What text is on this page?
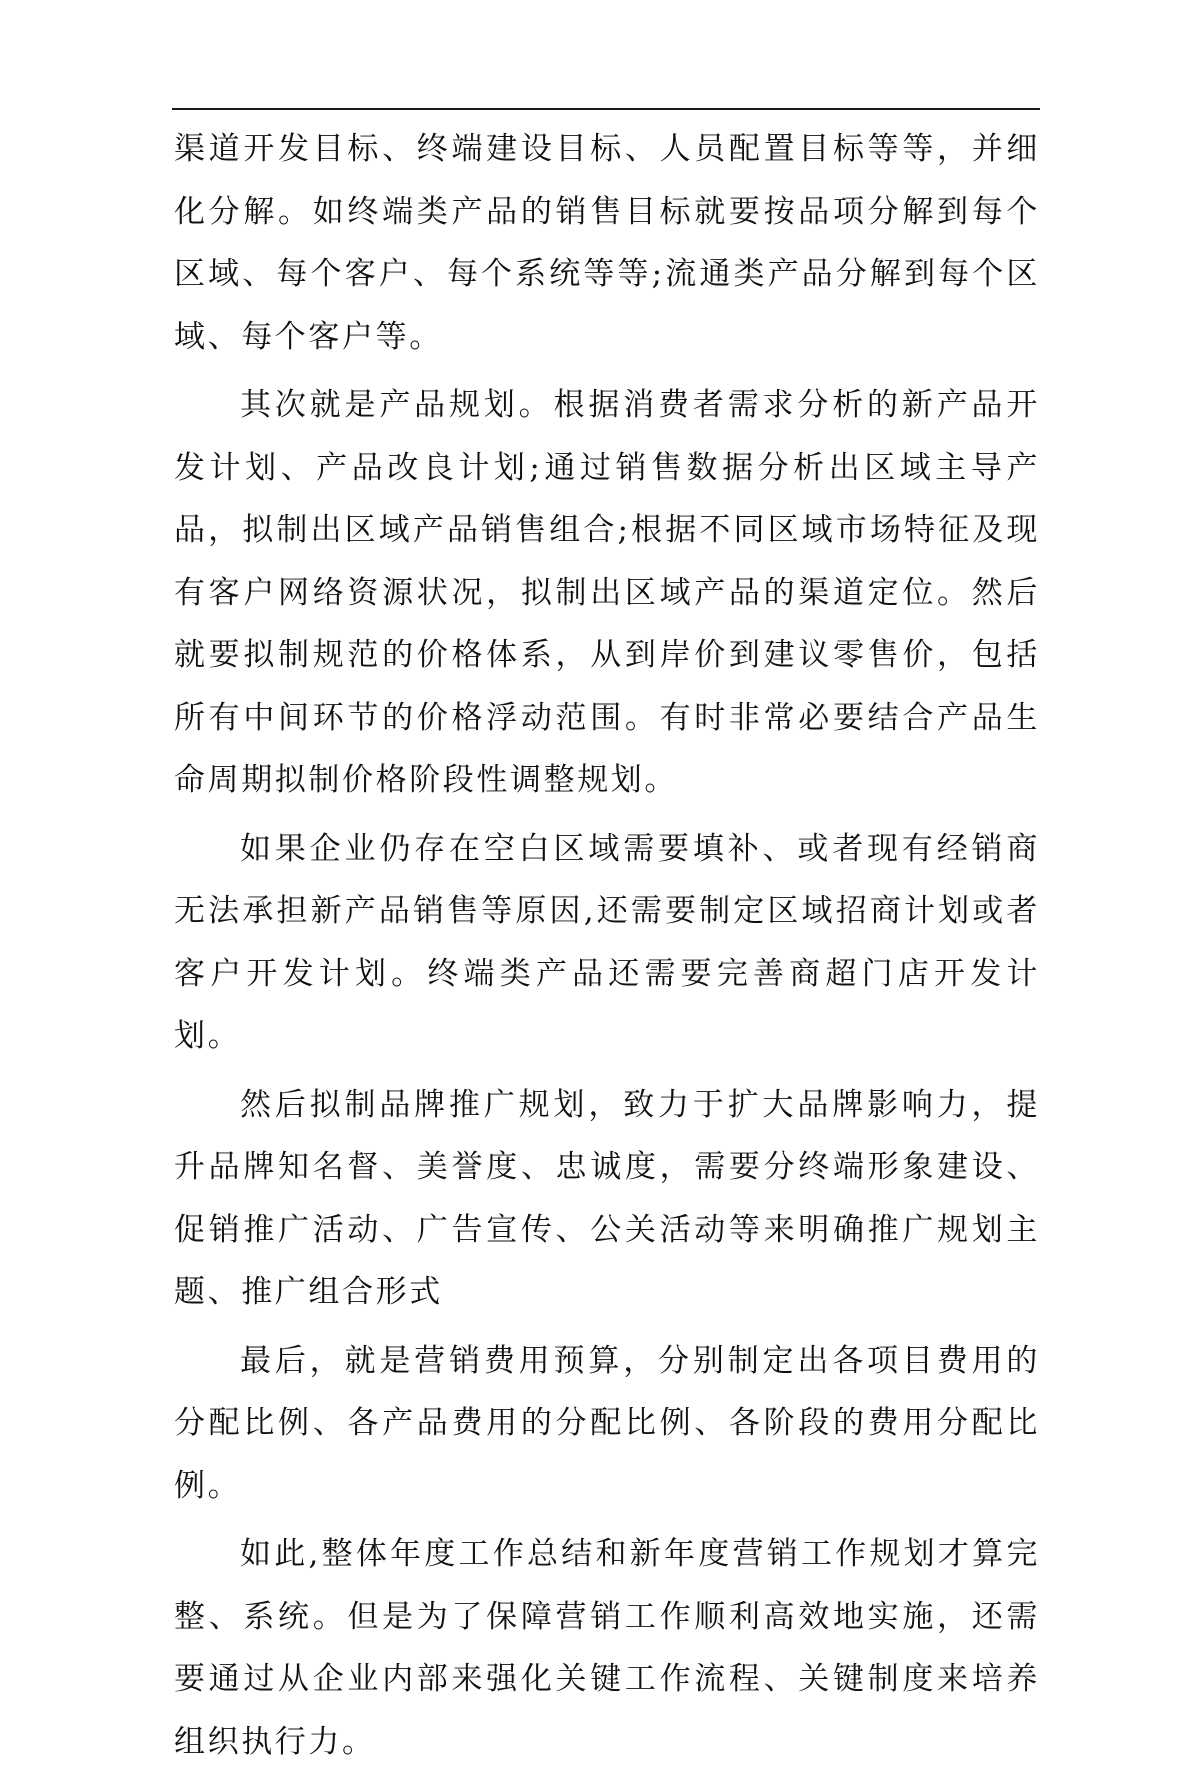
渠道开发目标、终端建设目标、人员配置目标等等，并细化分解。如终端类产品的销售目标就要按品项分解到每个区域、每个客户、每个系统等等;流通类产品分解到每个区域、每个客户等。

其次就是产品规划。根据消费者需求分析的新产品开发计划、产品改良计划;通过销售数据分析出区域主导产品，拟制出区域产品销售组合;根据不同区域市场特征及现有客户网络资源状况，拟制出区域产品的渠道定位。然后就要拟制规范的价格体系，从到岸价到建议零售价，包括所有中间环节的价格浮动范围。有时非常必要结合产品生命周期拟制价格阶段性调整规划。

如果企业仍存在空白区域需要填补、或者现有经销商无法承担新产品销售等原因,还需要制定区域招商计划或者客户开发计划。终端类产品还需要完善商超门店开发计划。

然后拟制品牌推广规划，致力于扩大品牌影响力，提升品牌知名督、美誉度、忠诚度，需要分终端形象建设、促销推广活动、广告宣传、公关活动等来明确推广规划主题、推广组合形式

最后，就是营销费用预算，分别制定出各项目费用的分配比例、各产品费用的分配比例、各阶段的费用分配比例。

如此,整体年度工作总结和新年度营销工作规划才算完整、系统。但是为了保障营销工作顺利高效地实施，还需要通过从企业内部来强化关键工作流程、关键制度来培养组织执行力。
